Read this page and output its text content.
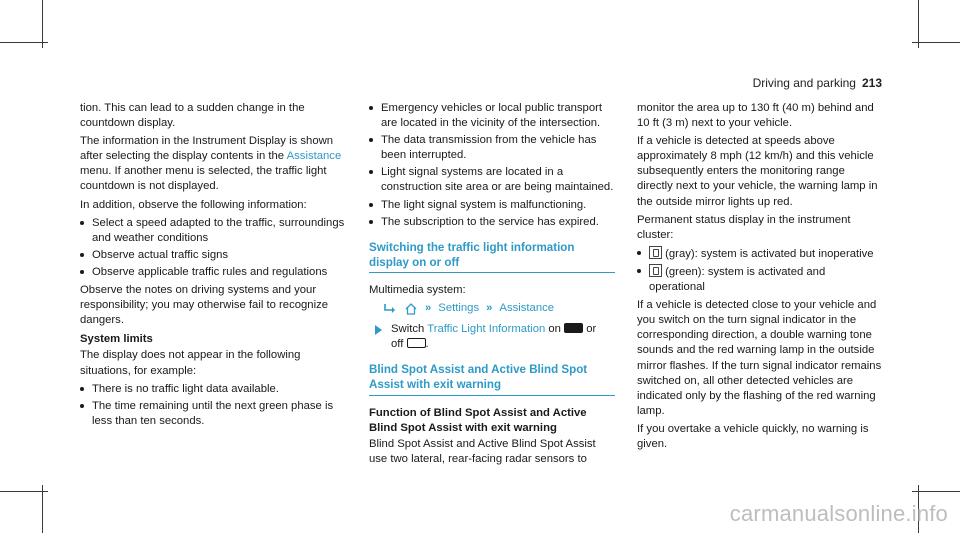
Driving and parking 213

tion. This can lead to a sudden change in the countdown display.

The information in the Instrument Display is shown after selecting the display contents in the Assistance menu. If another menu is selected, the traffic light countdown is not displayed.

In addition, observe the following information:

Select a speed adapted to the traffic, surroundings and weather conditions
Observe actual traffic signs
Observe applicable traffic rules and regulations

Observe the notes on driving systems and your responsibility; you may otherwise fail to recognize dangers.

System limits

The display does not appear in the following situations, for example:

There is no traffic light data available.
The time remaining until the next green phase is less than ten seconds.
Emergency vehicles or local public transport are located in the vicinity of the intersection.
The data transmission from the vehicle has been interrupted.
Light signal systems are located in a construction site area or are being maintained.
The light signal system is malfunctioning.
The subscription to the service has expired.
Switching the traffic light information display on or off

Multimedia system:

» Settings » Assistance
Switch Traffic Light Information on  or
off .
Blind Spot Assist and Active Blind Spot Assist with exit warning
Function of Blind Spot Assist and Active Blind Spot Assist with exit warning

Blind Spot Assist and Active Blind Spot Assist use two lateral, rear-facing radar sensors to

monitor the area up to 130 ft (40 m) behind and 10 ft (3 m) next to your vehicle.

If a vehicle is detected at speeds above approximately 8 mph (12 km/h) and this vehicle subsequently enters the monitoring range directly next to your vehicle, the warning lamp in the outside mirror lights up red.

Permanent status display in the instrument cluster:

(gray): system is activated but inoperative
(green): system is activated and operational

If a vehicle is detected close to your vehicle and you switch on the turn signal indicator in the corresponding direction, a double warning tone sounds and the red warning lamp in the outside mirror flashes. If the turn signal indicator remains switched on, all other detected vehicles are indicated only by the flashing of the red warning lamp.

If you overtake a vehicle quickly, no warning is given.

carmanualsonline.info
